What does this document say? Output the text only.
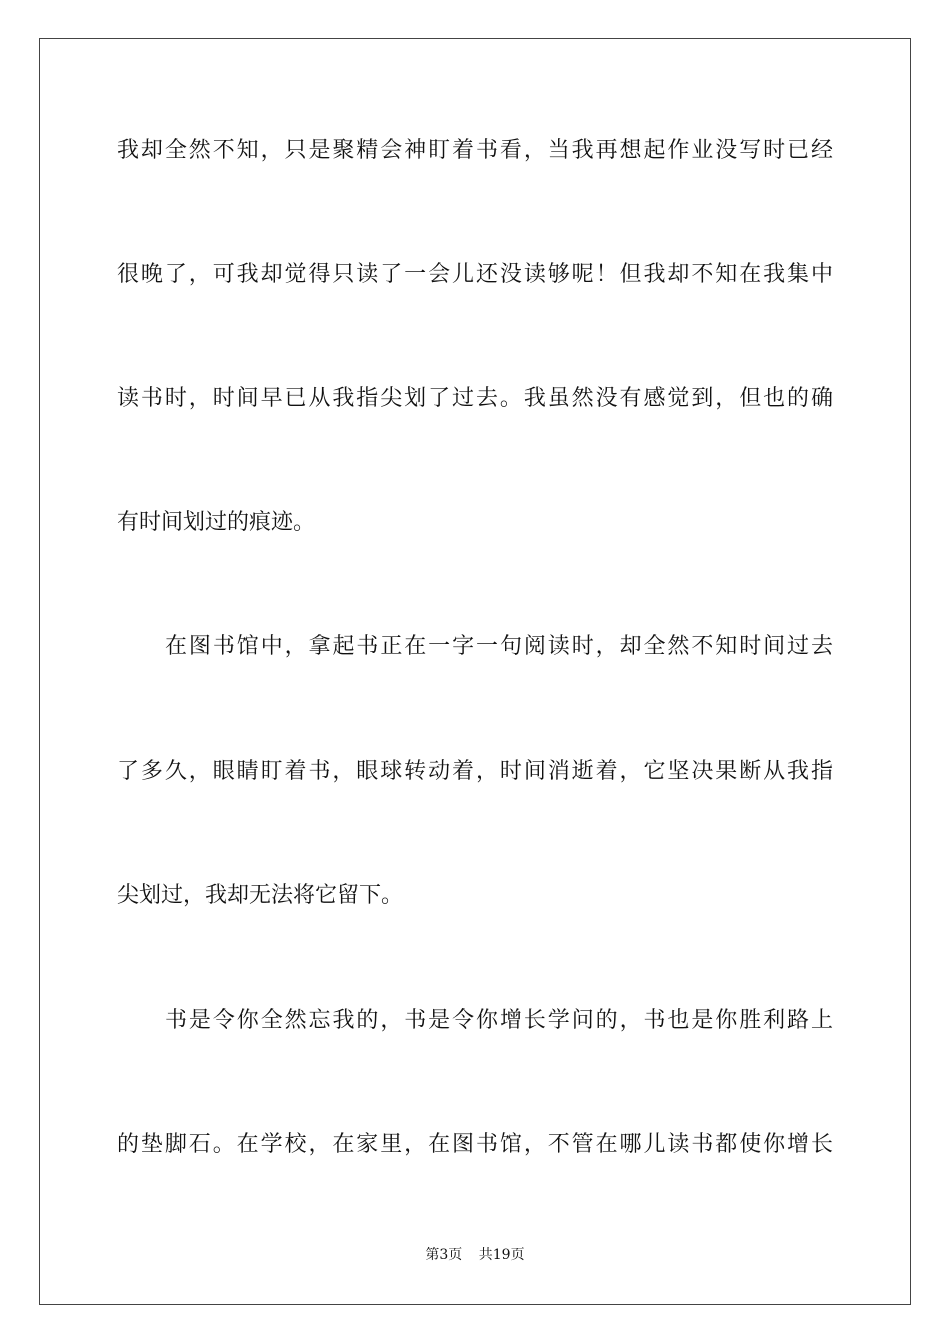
我却全然不知，只是聚精会神盯着书看，当我再想起作业没写时已经
很晚了，可我却觉得只读了一会儿还没读够呢！但我却不知在我集中
读书时，时间早已从我指尖划了过去。我虽然没有感觉到，但也的确
有时间划过的痕迹。
在图书馆中，拿起书正在一字一句阅读时，却全然不知时间过去
了多久，眼睛盯着书，眼球转动着，时间消逝着，它坚决果断从我指
尖划过，我却无法将它留下。
书是令你全然忘我的，书是令你增长学问的，书也是你胜利路上
的垫脚石。在学校，在家里，在图书馆，不管在哪儿读书都使你增长
第3页 共19页
